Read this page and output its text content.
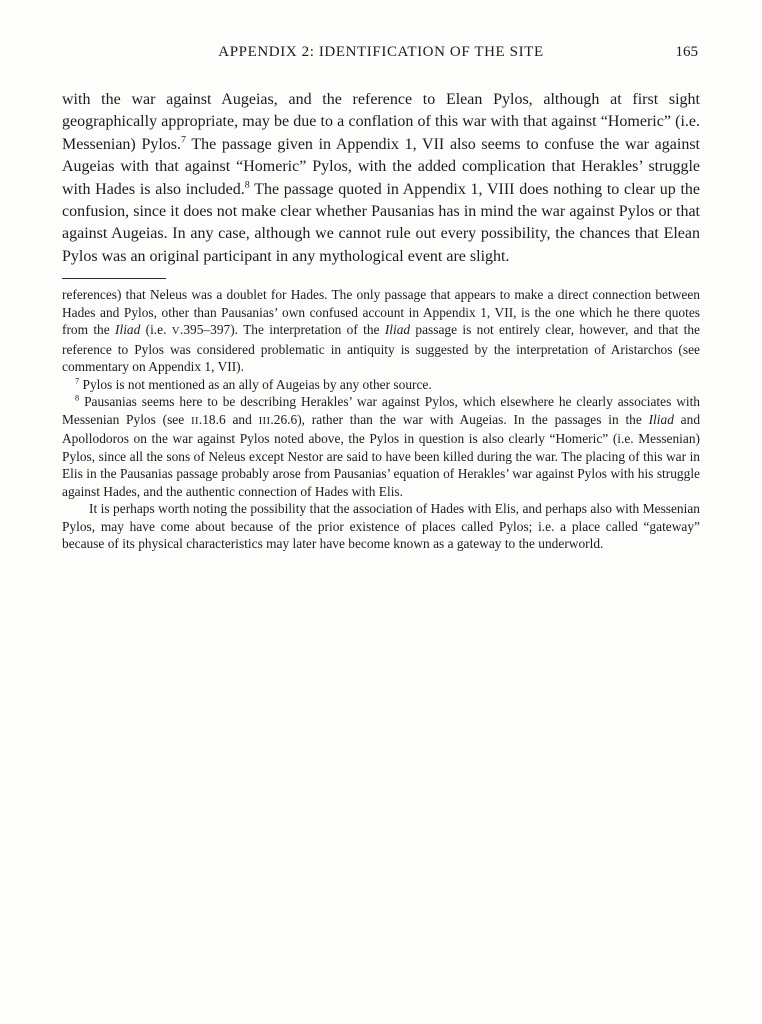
APPENDIX 2: IDENTIFICATION OF THE SITE	165

with the war against Augeias, and the reference to Elean Pylos, although at first sight geographically appropriate, may be due to a conflation of this war with that against “Homeric” (i.e. Messenian) Pylos.$^7$ The passage given in Appendix 1, VII also seems to confuse the war against Augeias with that against “Homeric” Pylos, with the added complication that Herakles’ struggle with Hades is also included.$^8$ The passage quoted in Appendix 1, VIII does nothing to clear up the confusion, since it does not make clear whether Pausanias has in mind the war against Pylos or that against Augeias. In any case, although we cannot rule out every possibility, the chances that Elean Pylos was an original participant in any mythological event are slight.

references) that Neleus was a doublet for Hades. The only passage that appears to make a direct connection between Hades and Pylos, other than Pausanias’ own confused account in Appendix 1, VII, is the one which he there quotes from the Iliad (i.e. V.395–397). The interpretation of the Iliad passage is not entirely clear, however, and that the reference to Pylos was considered problematic in antiquity is suggested by the interpretation of Aristarchos (see commentary on Appendix 1, VII).

$^7$ Pylos is not mentioned as an ally of Augeias by any other source.

$^8$ Pausanias seems here to be describing Herakles’ war against Pylos, which elsewhere he clearly associates with Messenian Pylos (see II.18.6 and III.26.6), rather than the war with Augeias. In the passages in the Iliad and Apollodoros on the war against Pylos noted above, the Pylos in question is also clearly “Homeric” (i.e. Messenian) Pylos, since all the sons of Neleus except Nestor are said to have been killed during the war. The placing of this war in Elis in the Pausanias passage probably arose from Pausanias’ equation of Herakles’ war against Pylos with his struggle against Hades, and the authentic connection of Hades with Elis.

It is perhaps worth noting the possibility that the association of Hades with Elis, and perhaps also with Messenian Pylos, may have come about because of the prior existence of places called Pylos; i.e. a place called “gateway” because of its physical characteristics may later have become known as a gateway to the underworld.
